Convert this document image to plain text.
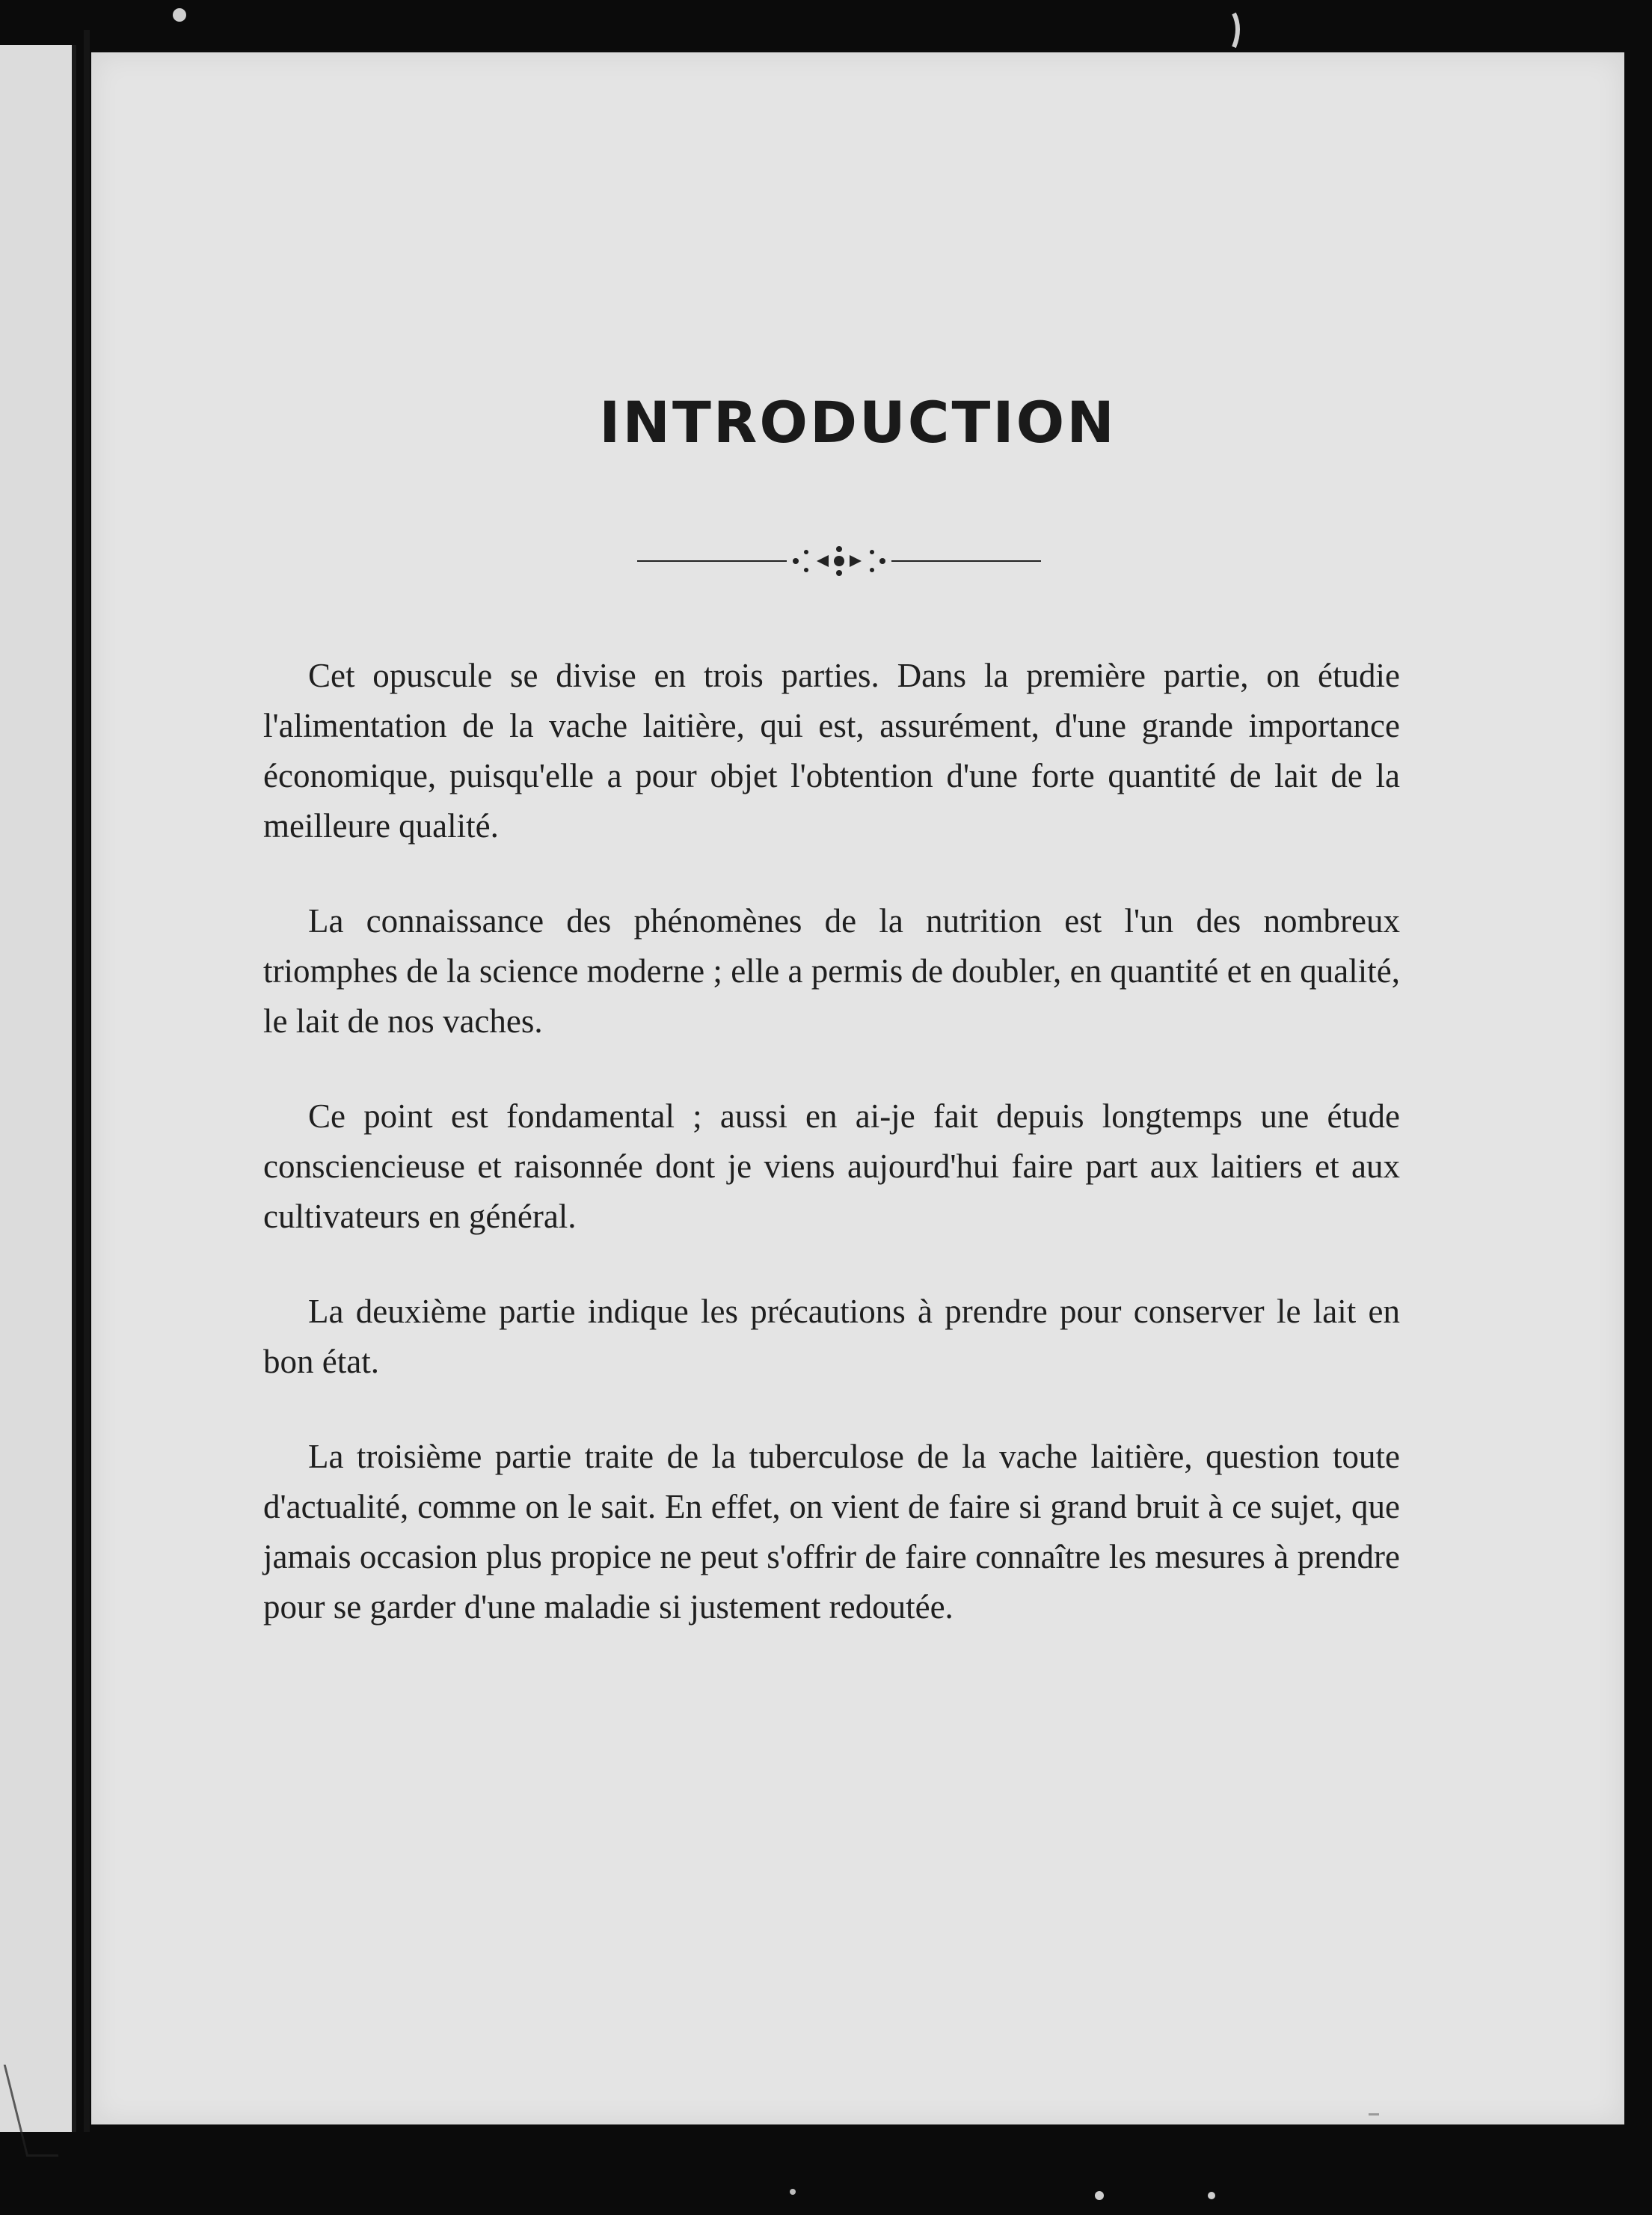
INTRODUCTION

Cet opuscule se divise en trois parties. Dans la première partie, on étudie l'alimentation de la vache laitière, qui est, assurément, d'une grande importance économique, puisqu'elle a pour objet l'obtention d'une forte quantité de lait de la meilleure qualité.

La connaissance des phénomènes de la nutrition est l'un des nombreux triomphes de la science moderne ; elle a permis de doubler, en quantité et en qualité, le lait de nos vaches.

Ce point est fondamental ; aussi en ai-je fait depuis longtemps une étude consciencieuse et raisonnée dont je viens aujourd'hui faire part aux laitiers et aux cultivateurs en général.

La deuxième partie indique les précautions à prendre pour conserver le lait en bon état.

La troisième partie traite de la tuberculose de la vache laitière, question toute d'actualité, comme on le sait. En effet, on vient de faire si grand bruit à ce sujet, que jamais occasion plus propice ne peut s'offrir de faire connaître les mesures à prendre pour se garder d'une maladie si justement redoutée.
